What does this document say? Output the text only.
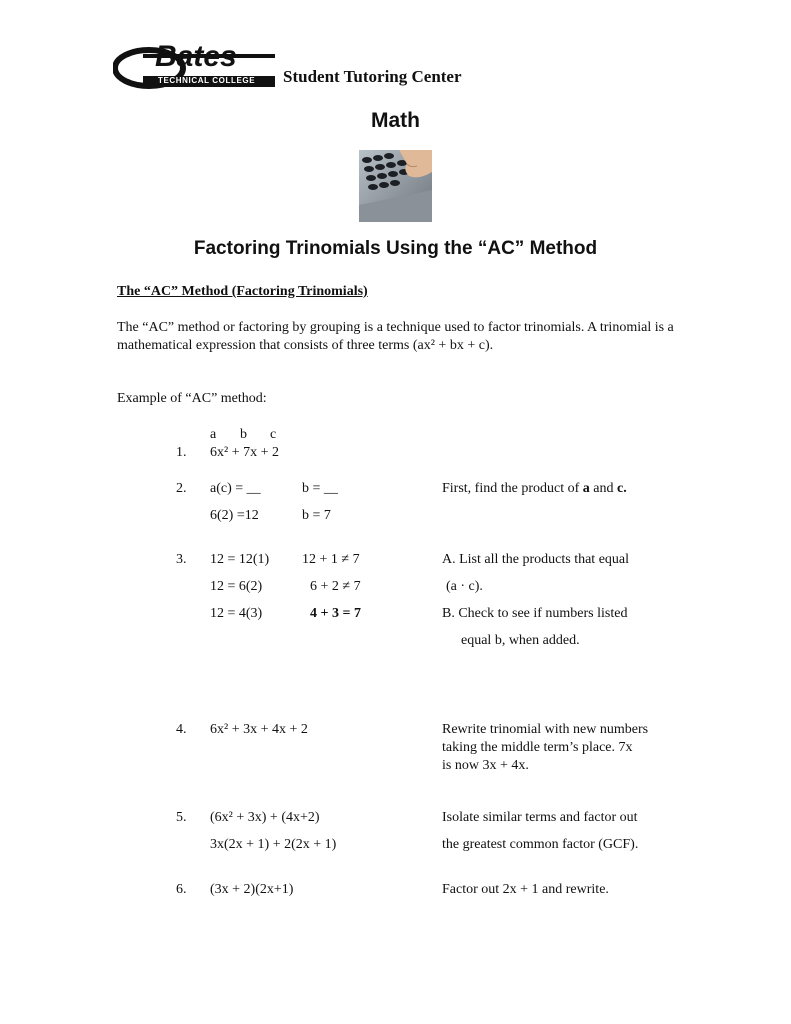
Bates
TECHNICAL COLLEGE Student Tutoring Center
Math
Factoring Trinomials Using the “AC” Method
The “AC” Method (Factoring Trinomials)
The “AC” method or factoring by grouping is a technique used to factor trinomials. A trinomial is a mathematical expression that consists of three terms (ax² + bx + c).
Example of “AC” method:
a b c
1. 6x² + 7x + 2
2. a(c) = __	b = __	First, find the product of a and c.
6(2) =12	b = 7
3. 12 = 12(1) 12 + 1 ≠ 7	A. List all the products that equal
12 = 6(2)	6 + 2 ≠ 7	(a · c).
12 = 4(3)	4 + 3 = 7	B. Check to see if numbers listed
equal b, when added.
4. 6x² + 3x + 4x + 2	Rewrite trinomial with new numbers
taking the middle term’s place. 7x
is now 3x + 4x.
5. (6x² + 3x) + (4x+2)	Isolate similar terms and factor out
3x(2x + 1) + 2(2x + 1)	the greatest common factor (GCF).
6. (3x + 2)(2x+1)	Factor out 2x + 1 and rewrite.
